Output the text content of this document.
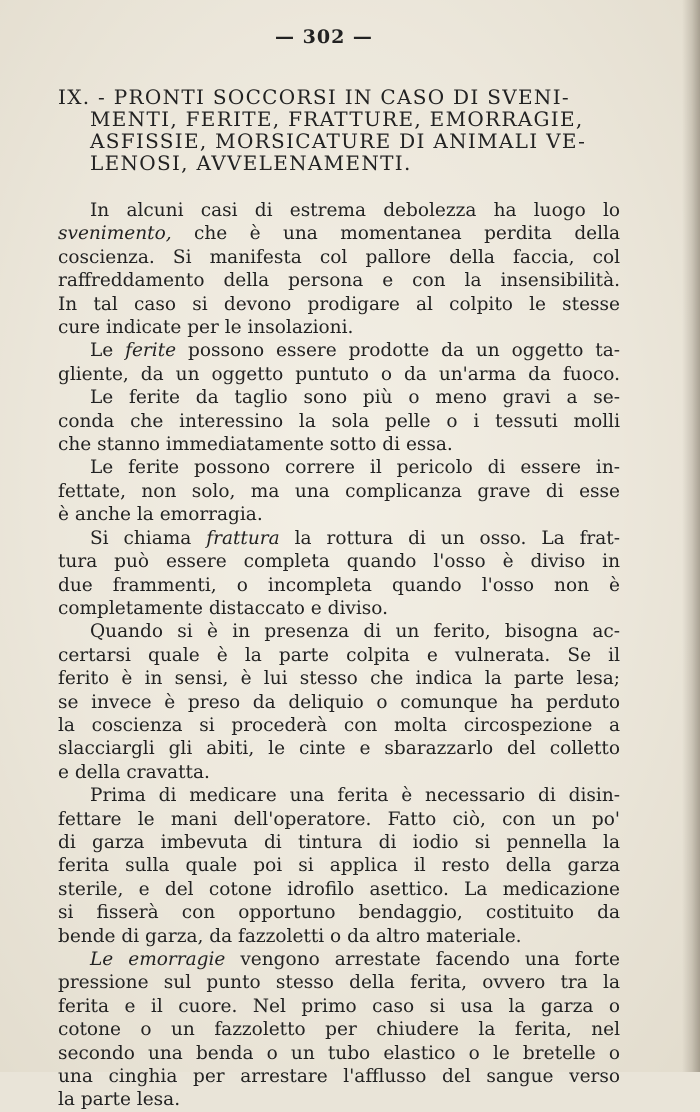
— 302 —
IX. - PRONTI SOCCORSI IN CASO DI SVENI-
MENTI, FERITE, FRATTURE, EMORRAGIE,
ASFISSIE, MORSICATURE DI ANIMALI VE-
LENOSI, AVVELENAMENTI.
In alcuni casi di estrema debolezza ha luogo lo
svenimento, che è una momentanea perdita della
coscienza. Si manifesta col pallore della faccia, col
raffreddamento della persona e con la insensibilità.
In tal caso si devono prodigare al colpito le stesse
cure indicate per le insolazioni.
Le ferite possono essere prodotte da un oggetto ta-
gliente, da un oggetto puntuto o da un'arma da fuoco.
Le ferite da taglio sono più o meno gravi a se-
conda che interessino la sola pelle o i tessuti molli
che stanno immediatamente sotto di essa.
Le ferite possono correre il pericolo di essere in-
fettate, non solo, ma una complicanza grave di esse
è anche la emorragia.
Si chiama frattura la rottura di un osso. La frat-
tura può essere completa quando l'osso è diviso in
due frammenti, o incompleta quando l'osso non è
completamente distaccato e diviso.
Quando si è in presenza di un ferito, bisogna ac-
certarsi quale è la parte colpita e vulnerata. Se il
ferito è in sensi, è lui stesso che indica la parte lesa;
se invece è preso da deliquio o comunque ha perduto
la coscienza si procederà con molta circospezione a
slacciargli gli abiti, le cinte e sbarazzarlo del colletto
e della cravatta.
Prima di medicare una ferita è necessario di disin-
fettare le mani dell'operatore. Fatto ciò, con un po'
di garza imbevuta di tintura di iodio si pennella la
ferita sulla quale poi si applica il resto della garza
sterile, e del cotone idrofilo asettico. La medicazione
si fisserà con opportuno bendaggio, costituito da
bende di garza, da fazzoletti o da altro materiale.
Le emorragie vengono arrestate facendo una forte
pressione sul punto stesso della ferita, ovvero tra la
ferita e il cuore. Nel primo caso si usa la garza o
cotone o un fazzoletto per chiudere la ferita, nel
secondo una benda o un tubo elastico o le bretelle o
una cinghia per arrestare l'afflusso del sangue verso
la parte lesa.
